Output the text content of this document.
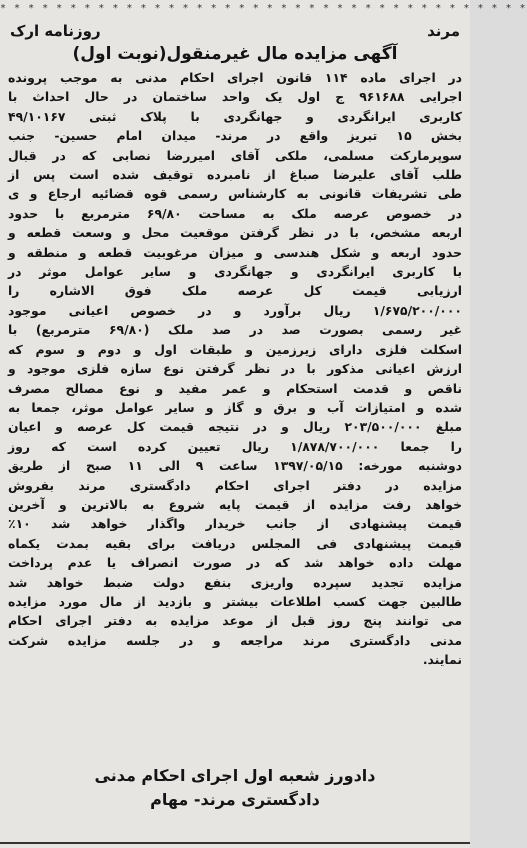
* * * * * * * * * * * * * * * * * * * * * * * * * * * * * * * * * * * * * *
مرند
روزنامه ارک
آگهی مزایده مال غیرمنقول(نوبت اول)
در اجرای ماده ۱۱۴ قانون اجرای احکام مدنی به موجب پرونده
اجرایی ۹۶۱۶۸۸ ج اول یک واحد ساختمان در حال احداث با
کاربری ایرانگردی و جهانگردی با پلاک ثبتی ۴۹/۱۰۱۶۷
بخش ۱۵ تبریز واقع در مرند- میدان امام حسین- جنب
سوپرمارکت مسلمی، ملکی آقای امیررضا نصابی که در قبال
طلب آقای علیرضا صباغ از نامبرده توقیف شده است پس از
طی تشریفات قانونی به کارشناس رسمی قوه قضائیه ارجاع و ی
در خصوص عرصه ملک به مساحت ۶۹/۸۰ مترمربع با حدود
اربعه مشخص، با در نظر گرفتن موقعیت محل و وسعت قطعه و
حدود اربعه و شکل هندسی و میزان مرغوبیت قطعه و منطقه و
با کاربری ایرانگردی و جهانگردی و سایر عوامل موثر در
ارزیابی قیمت کل عرصه ملک فوق الاشاره را
۱/۶۷۵/۲۰۰/۰۰۰ ریال برآورد و در خصوص اعیانی موجود
غیر رسمی بصورت صد در صد ملک (۶۹/۸۰ مترمربع) با
اسکلت فلزی دارای زیرزمین و طبقات اول و دوم و سوم که
ارزش اعیانی مذکور با در نظر گرفتن نوع سازه فلزی موجود و
ناقص و قدمت استحکام و عمر مفید و نوع مصالح مصرف
شده و امتیازات آب و برق و گاز و سایر عوامل موثر، جمعا به
مبلغ ۲۰۳/۵۰۰/۰۰۰ ریال و در نتیجه قیمت کل عرصه و اعیان
را جمعا ۱/۸۷۸/۷۰۰/۰۰۰ ریال تعیین کرده است که روز
دوشنبه مورخه: ۱۳۹۷/۰۵/۱۵ ساعت ۹ الی ۱۱ صبح از طریق
مزایده در دفتر اجرای احکام دادگستری مرند بفروش
خواهد رفت مزایده از قیمت پایه شروع به بالاترین و آخرین
قیمت پیشنهادی از جانب خریدار واگذار خواهد شد ۱۰٪
قیمت پیشنهادی فی المجلس دریافت برای بقیه بمدت یکماه
مهلت داده خواهد شد که در صورت انصراف یا عدم پرداخت
مزایده تجدید سپرده واریزی بنفع دولت ضبط خواهد شد
طالبین جهت کسب اطلاعات بیشتر و بازدید از مال مورد مزایده
می توانند پنج روز قبل از موعد مزایده به دفتر اجرای احکام
مدنی دادگستری مرند مراجعه و در جلسه مزایده شرکت
نمایند.
دادورز شعبه اول اجرای احکام مدنی
دادگستری مرند- مهام
